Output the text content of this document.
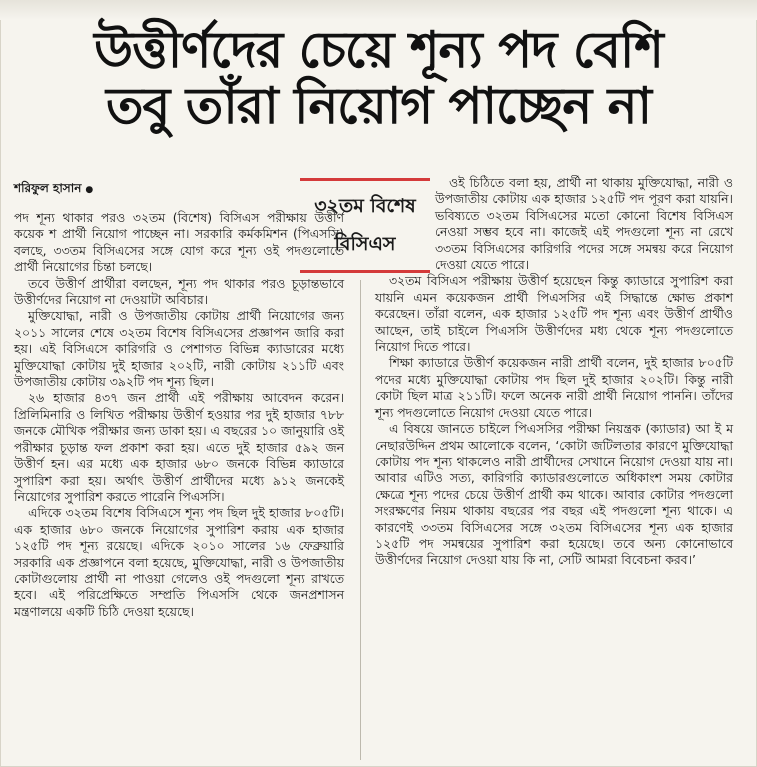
উত্তীর্ণদের চেয়ে শূন্য পদ বেশি
তবু তাঁরা নিয়োগ পাচ্ছেন না
শরিফুল হাসান ●
৩২তম বিশেষ
বিসিএস

পদ শূন্য থাকার পরও ৩২তম (বিশেষ) বিসিএস পরীক্ষায় উত্তীর্ণ কয়েক শ প্রার্থী নিয়োগ পাচ্ছেন না। সরকারি কর্মকমিশন (পিএসসি) বলছে, ৩৩তম বিসিএসের সঙ্গে যোগ করে শূন্য ওই পদগুলোতে প্রার্থী নিয়োগের চিন্তা চলছে।

তবে উত্তীর্ণ প্রার্থীরা বলছেন, শূন্য পদ থাকার পরও চূড়ান্তভাবে উত্তীর্ণদের নিয়োগ না দেওয়াটা অবিচার।

মুক্তিযোদ্ধা, নারী ও উপজাতীয় কোটায় প্রার্থী নিয়োগের জন্য ২০১১ সালের শেষে ৩২তম বিশেষ বিসিএসের প্রজ্ঞাপন জারি করা হয়। এই বিসিএসে কারিগরি ও পেশাগত বিভিন্ন ক্যাডারের মধ্যে মুক্তিযোদ্ধা কোটায় দুই হাজার ২০২টি, নারী কোটায় ২১১টি এবং উপজাতীয় কোটায় ৩৯২টি পদ শূন্য ছিল।

২৬ হাজার ৪৩৭ জন প্রার্থী এই পরীক্ষায় আবেদন করেন। প্রিলিমিনারি ও লিখিত পরীক্ষায় উত্তীর্ণ হওয়ার পর দুই হাজার ৭৮৮ জনকে মৌখিক পরীক্ষার জন্য ডাকা হয়। এ বছরের ১০ জানুয়ারি ওই পরীক্ষার চূড়ান্ত ফল প্রকাশ করা হয়। এতে দুই হাজার ৫৯২ জন উত্তীর্ণ হন। এর মধ্যে এক হাজার ৬৮০ জনকে বিভিন্ন ক্যাডারে সুপারিশ করা হয়। অর্থাৎ উত্তীর্ণ প্রার্থীদের মধ্যে ৯১২ জনকেই নিয়োগের সুপারিশ করতে পারেনি পিএসসি।

এদিকে ৩২তম বিশেষ বিসিএসে শূন্য পদ ছিল দুই হাজার ৮০৫টি। এক হাজার ৬৮০ জনকে নিয়োগের সুপারিশ করায় এক হাজার ১২৫টি পদ শূন্য রয়েছে। এদিকে ২০১০ সালের ১৬ ফেব্রুয়ারি সরকারি এক প্রজ্ঞাপনে বলা হয়েছে, মুক্তিযোদ্ধা, নারী ও উপজাতীয় কোটাগুলোয় প্রার্থী না পাওয়া গেলেও ওই পদগুলো শূন্য রাখতে হবে। এই পরিপ্রেক্ষিতে সম্প্রতি পিএসসি থেকে জনপ্রশাসন মন্ত্রণালয়ে একটি চিঠি দেওয়া হয়েছে।

ওই চিঠিতে বলা হয়, প্রার্থী না থাকায় মুক্তিযোদ্ধা, নারী ও উপজাতীয় কোটায় এক হাজার ১২৫টি পদ পূরণ করা যায়নি। ভবিষ্যতে ৩২তম বিসিএসের মতো কোনো বিশেষ বিসিএস নেওয়া সম্ভব হবে না। কাজেই এই পদগুলো শূন্য না রেখে ৩৩তম বিসিএসের কারিগরি পদের সঙ্গে সমন্বয় করে নিয়োগ দেওয়া যেতে পারে।

৩২তম বিসিএস পরীক্ষায় উত্তীর্ণ হয়েছেন কিন্তু ক্যাডারে সুপারিশ করা যায়নি এমন কয়েকজন প্রার্থী পিএসসির এই সিদ্ধান্তে ক্ষোভ প্রকাশ করেছেন। তাঁরা বলেন, এক হাজার ১২৫টি পদ শূন্য এবং উত্তীর্ণ প্রার্থীও আছেন, তাই চাইলে পিএসসি উত্তীর্ণদের মধ্য থেকে শূন্য পদগুলোতে নিয়োগ দিতে পারে।

শিক্ষা ক্যাডারে উত্তীর্ণ কয়েকজন নারী প্রার্থী বলেন, দুই হাজার ৮০৫টি পদের মধ্যে মুক্তিযোদ্ধা কোটায় পদ ছিল দুই হাজার ২০২টি। কিন্তু নারী কোটা ছিল মাত্র ২১১টি। ফলে অনেক নারী প্রার্থী নিয়োগ পাননি। তাঁদের শূন্য পদগুলোতে নিয়োগ দেওয়া যেতে পারে।

এ বিষয়ে জানতে চাইলে পিএসসির পরীক্ষা নিয়ন্ত্রক (ক্যাডার) আ ই ম নেছারউদ্দিন প্রথম আলোকে বলেন, ‘কোটা জটিলতার কারণে মুক্তিযোদ্ধা কোটায় পদ শূন্য থাকলেও নারী প্রার্থীদের সেখানে নিয়োগ দেওয়া যায় না। আবার এটিও সত্য, কারিগরি ক্যাডারগুলোতে অধিকাংশ সময় কোটার ক্ষেত্রে শূন্য পদের চেয়ে উত্তীর্ণ প্রার্থী কম থাকে। আবার কোটার পদগুলো সংরক্ষণের নিয়ম থাকায় বছরের পর বছর এই পদগুলো শূন্য থাকে। এ কারণেই ৩৩তম বিসিএসের সঙ্গে ৩২তম বিসিএসের শূন্য এক হাজার ১২৫টি পদ সমন্বয়ের সুপারিশ করা হয়েছে। তবে অন্য কোনোভাবে উত্তীর্ণদের নিয়োগ দেওয়া যায় কি না, সেটি আমরা বিবেচনা করব।’
